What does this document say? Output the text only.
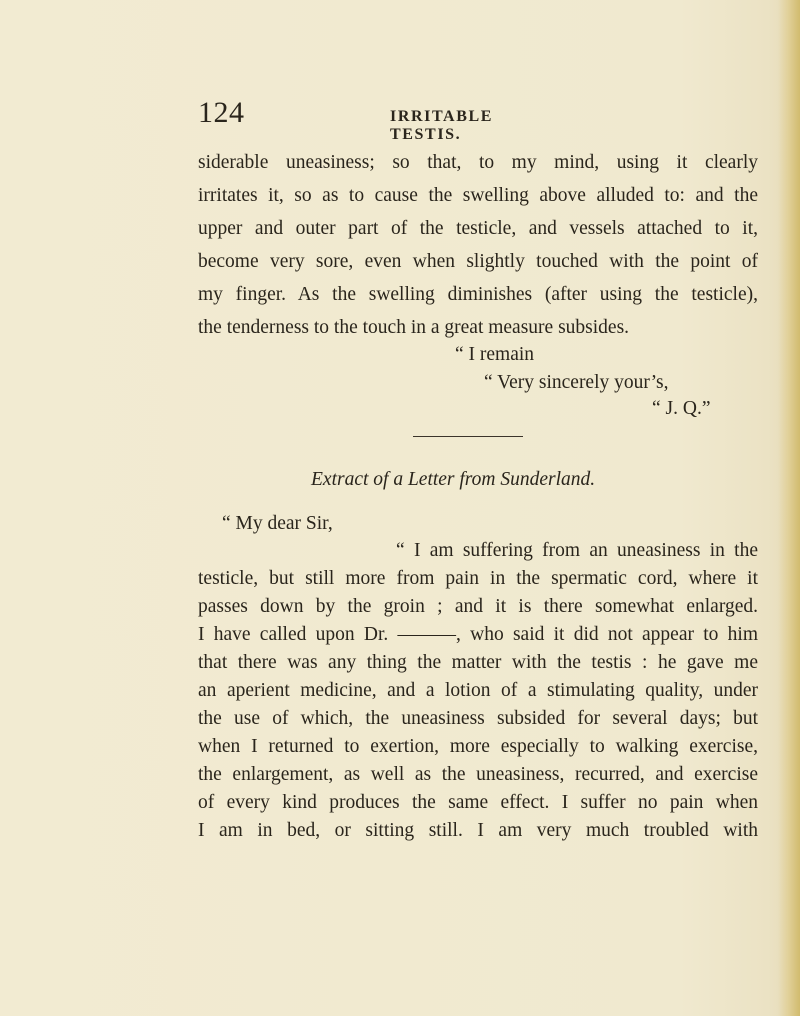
124	IRRITABLE TESTIS.
siderable uneasiness; so that, to my mind, using it clearly
irritates it, so as to cause the swelling above alluded to: and the
upper and outer part of the testicle, and vessels attached to it,
become very sore, even when slightly touched with the point of
my finger. As the swelling diminishes (after using the testicle),
the tenderness to the touch in a great measure subsides.
“ I remain
“ Very sincerely your’s,
“ J. Q.”
Extract of a Letter from Sunderland.
“ My dear Sir,
“ I am suffering from an uneasiness in the
testicle, but still more from pain in the spermatic cord, where it
passes down by the groin ; and it is there somewhat enlarged.
I have called upon Dr. ———, who said it did not appear to him
that there was any thing the matter with the testis : he gave me
an aperient medicine, and a lotion of a stimulating quality, under
the use of which, the uneasiness subsided for several days; but
when I returned to exertion, more especially to walking exercise,
the enlargement, as well as the uneasiness, recurred, and exercise
of every kind produces the same effect. I suffer no pain when
I am in bed, or sitting still. I am very much troubled with
